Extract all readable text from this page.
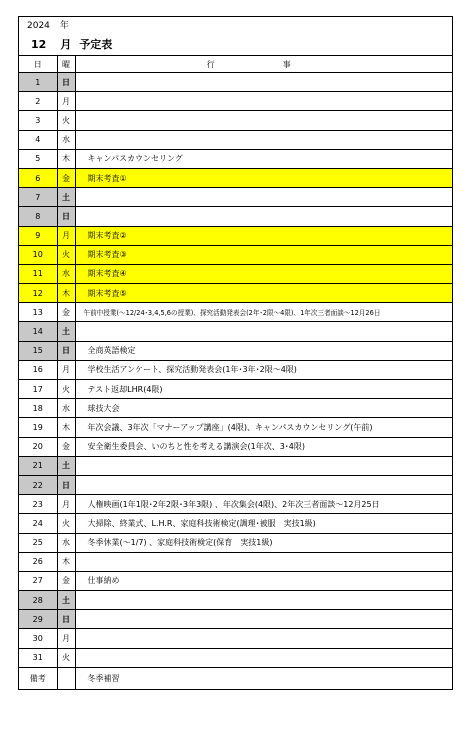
2024 年
12 月 予定表
日	曜	行　事
1	日	
2	月	
3	火	
4	水	
5	木	キャンパスカウンセリング
6	金	期末考査①
7	土	
8	日	
9	月	期末考査②
10	火	期末考査③
11	水	期末考査④
12	木	期末考査⑤
13	金	午前中授業(～12/24･3,4,5,6の授業)、探究活動発表会(2年･2限～4限)、1年次三者面談～12月26日
14	土	
15	日	全商英語検定
16	月	学校生活アンケート、探究活動発表会(1年･3年･2限～4限)
17	火	テスト返却LHR(4限)
18	水	球技大会
19	木	年次会議、3年次「マナーアップ講座」(4限)、キャンパスカウンセリング(午前)
20	金	安全衛生委員会、いのちと性を考える講演会(1年次、3･4限)
21	土	
22	日	
23	月	人権映画(1年1限･2年2限･3年3限) 、年次集会(4限)、2年次三者面談～12月25日
24	火	大掃除、終業式、L.H.R、家庭科技術検定(調理･被服　実技1級)
25	水	冬季休業(～1/7) 、家庭科技術検定(保育　実技1級)
26	木	
27	金	仕事納め
28	土	
29	日	
30	月	
31	火	
備考		冬季補習
